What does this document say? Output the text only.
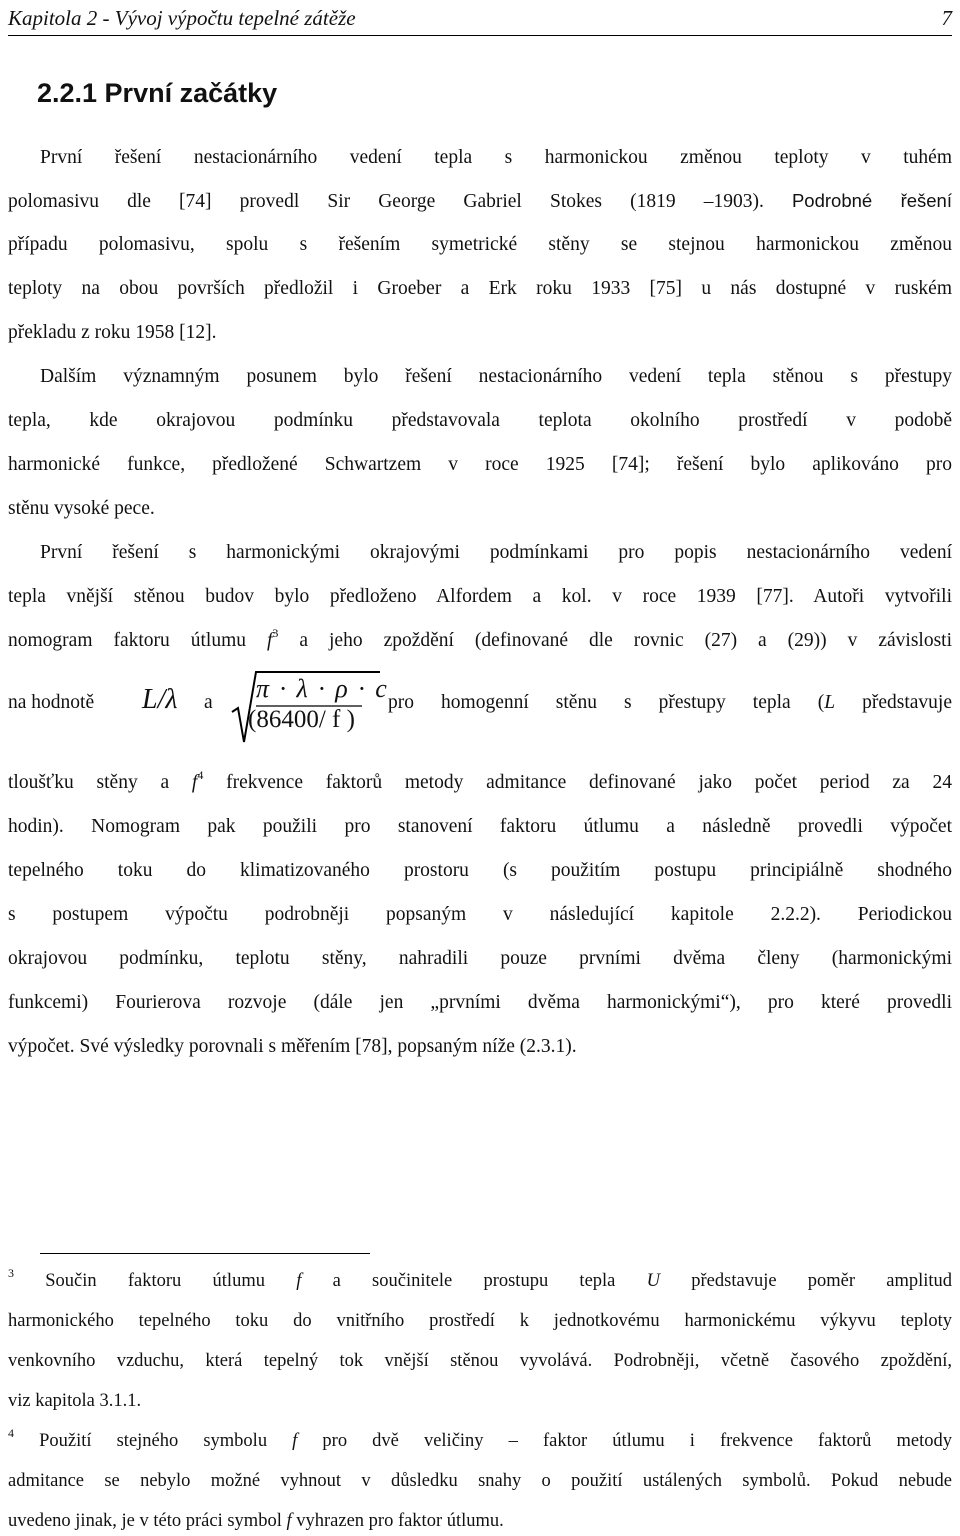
Kapitola 2 - Vývoj výpočtu tepelné zátěže	7
2.2.1 První začátky
První řešení nestacionárního vedení tepla s harmonickou změnou teploty v tuhém
polomasivu dle [74] provedl Sir George Gabriel Stokes (1819 –1903). Podrobné řešení
případu polomasivu, spolu s řešením symetrické stěny se stejnou harmonickou změnou
teploty na obou površích předložil i Groeber a Erk roku 1933 [75] u nás dostupné v ruském
překladu z roku 1958 [12].
Dalším významným posunem bylo řešení nestacionárního vedení tepla stěnou s přestupy
tepla, kde okrajovou podmínku představovala teplota okolního prostředí v podobě
harmonické funkce, předložené Schwartzem v roce 1925 [74]; řešení bylo aplikováno pro
stěnu vysoké pece.
První řešení s harmonickými okrajovými podmínkami pro popis nestacionárního vedení
tepla vnější stěnou budov bylo předloženo Alfordem a kol. v roce 1939 [77]. Autoři vytvořili
nomogram faktoru útlumu $f^3$ a jeho zpoždění (definované dle rovnic (27) a (29)) v závislosti
na hodnotě L/λ a π · λ · ρ · c
(86400/ f )
pro homogenní stěnu s přestupy tepla (L představuje
tloušťku stěny a $f^4$ frekvence faktorů metody admitance definované jako počet period za 24
hodin). Nomogram pak použili pro stanovení faktoru útlumu a následně provedli výpočet
tepelného toku do klimatizovaného prostoru (s použitím postupu principiálně shodného
s postupem výpočtu podrobněji popsaným v následující kapitole 2.2.2). Periodickou
okrajovou podmínku, teplotu stěny, nahradili pouze prvními dvěma členy (harmonickými
funkcemi) Fourierova rozvoje (dále jen „prvními dvěma harmonickými“), pro které provedli
výpočet. Své výsledky porovnali s měřením [78], popsaným níže (2.3.1).
$^3$ Součin faktoru útlumu f a součinitele prostupu tepla U představuje poměr amplitud
harmonického tepelného toku do vnitřního prostředí k jednotkovému harmonickému výkyvu teploty
venkovního vzduchu, která tepelný tok vnější stěnou vyvolává. Podrobněji, včetně časového zpoždění,
viz kapitola 3.1.1.
$^4$ Použití stejného symbolu f pro dvě veličiny – faktor útlumu i frekvence faktorů metody
admitance se nebylo možné vyhnout v důsledku snahy o použití ustálených symbolů. Pokud nebude
uvedeno jinak, je v této práci symbol f vyhrazen pro faktor útlumu.
